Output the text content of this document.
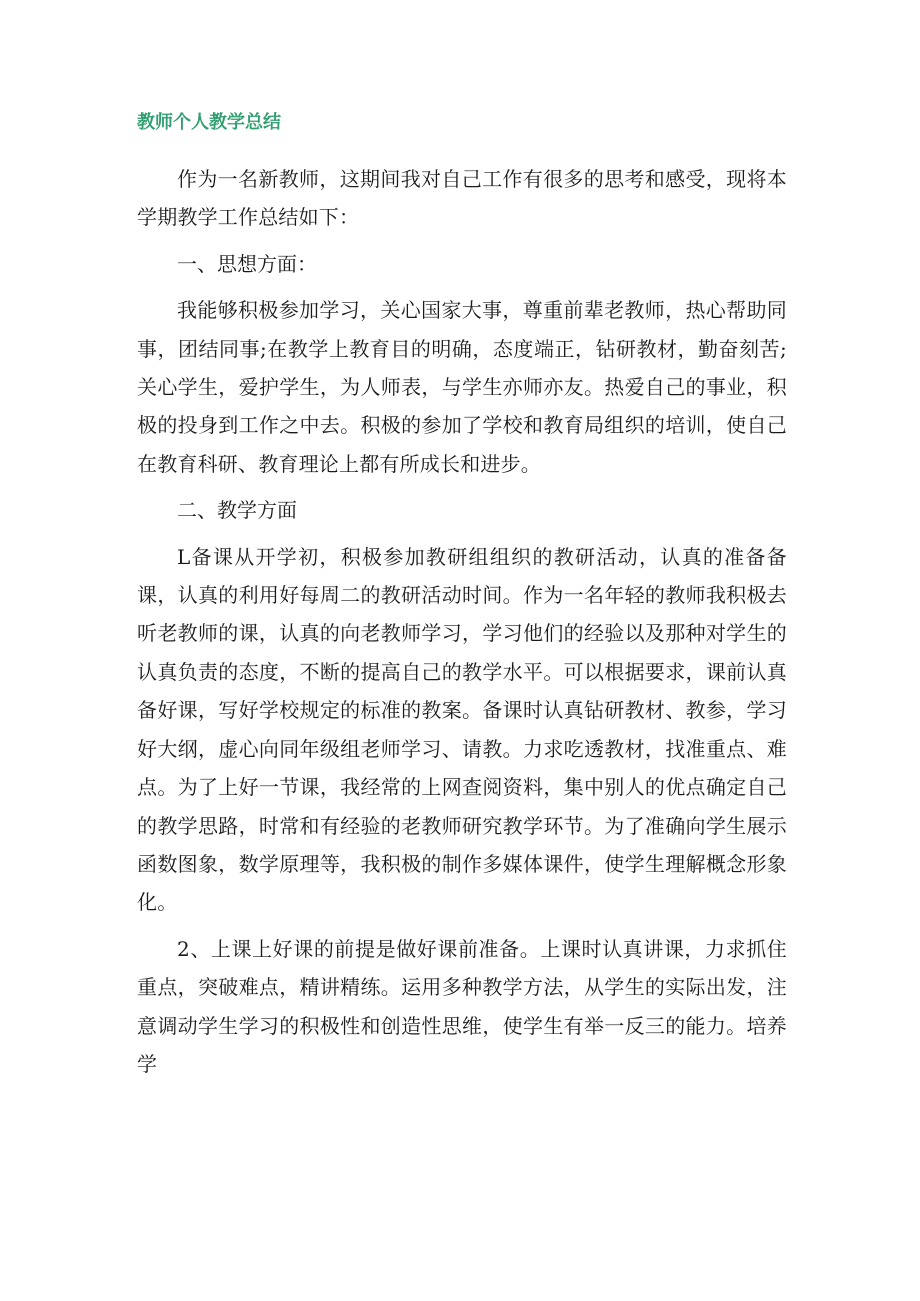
教师个人教学总结

作为一名新教师，这期间我对自己工作有很多的思考和感受，现将本学期教学工作总结如下：

一、思想方面：

我能够积极参加学习，关心国家大事，尊重前辈老教师，热心帮助同事，团结同事;在教学上教育目的明确，态度端正，钻研教材，勤奋刻苦;关心学生，爱护学生，为人师表，与学生亦师亦友。热爱自己的事业，积极的投身到工作之中去。积极的参加了学校和教育局组织的培训，使自己在教育科研、教育理论上都有所成长和进步。

二、教学方面

L备课从开学初，积极参加教研组组织的教研活动，认真的准备备课，认真的利用好每周二的教研活动时间。作为一名年轻的教师我积极去听老教师的课，认真的向老教师学习，学习他们的经验以及那种对学生的认真负责的态度，不断的提高自己的教学水平。可以根据要求，课前认真备好课，写好学校规定的标准的教案。备课时认真钻研教材、教参，学习好大纲，虚心向同年级组老师学习、请教。力求吃透教材，找准重点、难点。为了上好一节课，我经常的上网查阅资料，集中别人的优点确定自己的教学思路，时常和有经验的老教师研究教学环节。为了准确向学生展示函数图象，数学原理等，我积极的制作多媒体课件，使学生理解概念形象化。

2、上课上好课的前提是做好课前准备。上课时认真讲课，力求抓住重点，突破难点，精讲精练。运用多种教学方法，从学生的实际出发，注意调动学生学习的积极性和创造性思维，使学生有举一反三的能力。培养学
